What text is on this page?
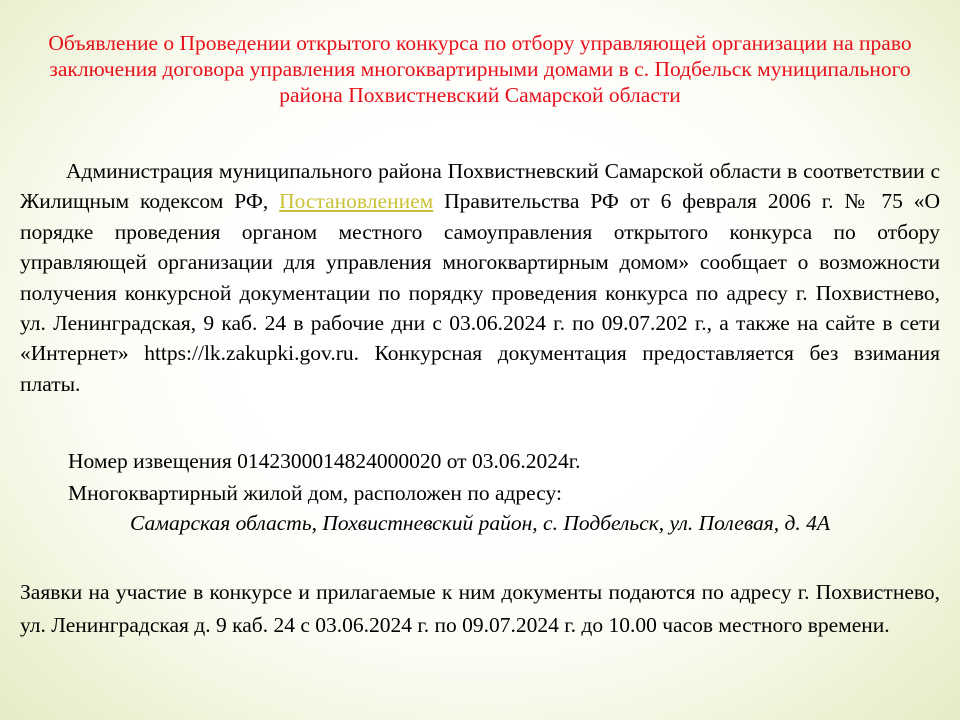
Объявление о Проведении открытого конкурса по отбору управляющей организации на право заключения договора управления многоквартирными домами в с. Подбельск муниципального района Похвистневский Самарской области
Администрация муниципального района Похвистневский Самарской области в соответствии с Жилищным кодексом РФ, Постановлением Правительства РФ от 6 февраля 2006 г. № 75 «О порядке проведения органом местного самоуправления открытого конкурса по отбору управляющей организации для управления многоквартирным домом» сообщает о возможности получения конкурсной документации по порядку проведения конкурса по адресу г. Похвистнево, ул. Ленинградская, 9 каб. 24 в рабочие дни с 03.06.2024 г. по 09.07.202 г., а также на сайте в сети «Интернет» https://lk.zakupki.gov.ru. Конкурсная документация предоставляется без взимания платы.
Номер извещения 0142300014824000020 от 03.06.2024г.
Многоквартирный жилой дом, расположен по адресу:
Самарская область, Похвистневский район, с. Подбельск, ул. Полевая, д. 4А
Заявки на участие в конкурсе и прилагаемые к ним документы подаются по адресу г. Похвистнево, ул. Ленинградская д. 9 каб. 24 с 03.06.2024 г. по 09.07.2024 г. до 10.00 часов местного времени.
